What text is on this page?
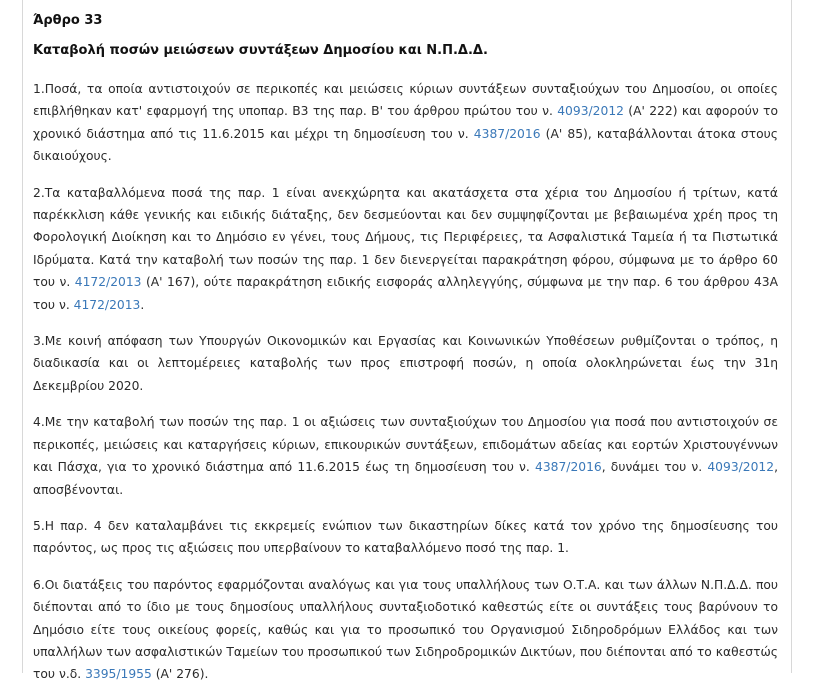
Άρθρο 33
Καταβολή ποσών μειώσεων συντάξεων Δημοσίου και Ν.Π.Δ.Δ.

1.Ποσά, τα οποία αντιστοιχούν σε περικοπές και μειώσεις κύριων συντάξεων συνταξιούχων του Δημοσίου, οι οποίες επιβλήθηκαν κατ' εφαρμογή της υποπαρ. Β3 της παρ. Β' του άρθρου πρώτου του ν. 4093/2012 (Α' 222) και αφορούν το χρονικό διάστημα από τις 11.6.2015 και μέχρι τη δημοσίευση του ν. 4387/2016 (Α' 85), καταβάλλονται άτοκα στους δικαιούχους.

2.Τα καταβαλλόμενα ποσά της παρ. 1 είναι ανεκχώρητα και ακατάσχετα στα χέρια του Δημοσίου ή τρίτων, κατά παρέκκλιση κάθε γενικής και ειδικής διάταξης, δεν δεσμεύονται και δεν συμψηφίζονται με βεβαιωμένα χρέη προς τη Φορολογική Διοίκηση και το Δημόσιο εν γένει, τους Δήμους, τις Περιφέρειες, τα Ασφαλιστικά Ταμεία ή τα Πιστωτικά Ιδρύματα. Κατά την καταβολή των ποσών της παρ. 1 δεν διενεργείται παρακράτηση φόρου, σύμφωνα με το άρθρο 60 του ν. 4172/2013 (Α' 167), ούτε παρακράτηση ειδικής εισφοράς αλληλεγγύης, σύμφωνα με την παρ. 6 του άρθρου 43Α του ν. 4172/2013.

3.Με κοινή απόφαση των Υπουργών Οικονομικών και Εργασίας και Κοινωνικών Υποθέσεων ρυθμίζονται ο τρόπος, η διαδικασία και οι λεπτομέρειες καταβολής των προς επιστροφή ποσών, η οποία ολοκληρώνεται έως την 31η Δεκεμβρίου 2020.

4.Με την καταβολή των ποσών της παρ. 1 οι αξιώσεις των συνταξιούχων του Δημοσίου για ποσά που αντιστοιχούν σε περικοπές, μειώσεις και καταργήσεις κύριων, επικουρικών συντάξεων, επιδομάτων αδείας και εορτών Χριστουγέννων και Πάσχα, για το χρονικό διάστημα από 11.6.2015 έως τη δημοσίευση του ν. 4387/2016, δυνάμει του ν. 4093/2012, αποσβένονται.

5.Η παρ. 4 δεν καταλαμβάνει τις εκκρεμείς ενώπιον των δικαστηρίων δίκες κατά τον χρόνο της δημοσίευσης του παρόντος, ως προς τις αξιώσεις που υπερβαίνουν το καταβαλλόμενο ποσό της παρ. 1.

6.Οι διατάξεις του παρόντος εφαρμόζονται αναλόγως και για τους υπαλλήλους των Ο.Τ.Α. και των άλλων Ν.Π.Δ.Δ. που διέπονται από το ίδιο με τους δημοσίους υπαλλήλους συνταξιοδοτικό καθεστώς είτε οι συντάξεις τους βαρύνουν το Δημόσιο είτε τους οικείους φορείς, καθώς και για το προσωπικό του Οργανισμού Σιδηροδρόμων Ελλάδος και των υπαλλήλων των ασφαλιστικών Ταμείων του προσωπικού των Σιδηροδρομικών Δικτύων, που διέπονται από το καθεστώς του ν.δ. 3395/1955 (Α' 276).
